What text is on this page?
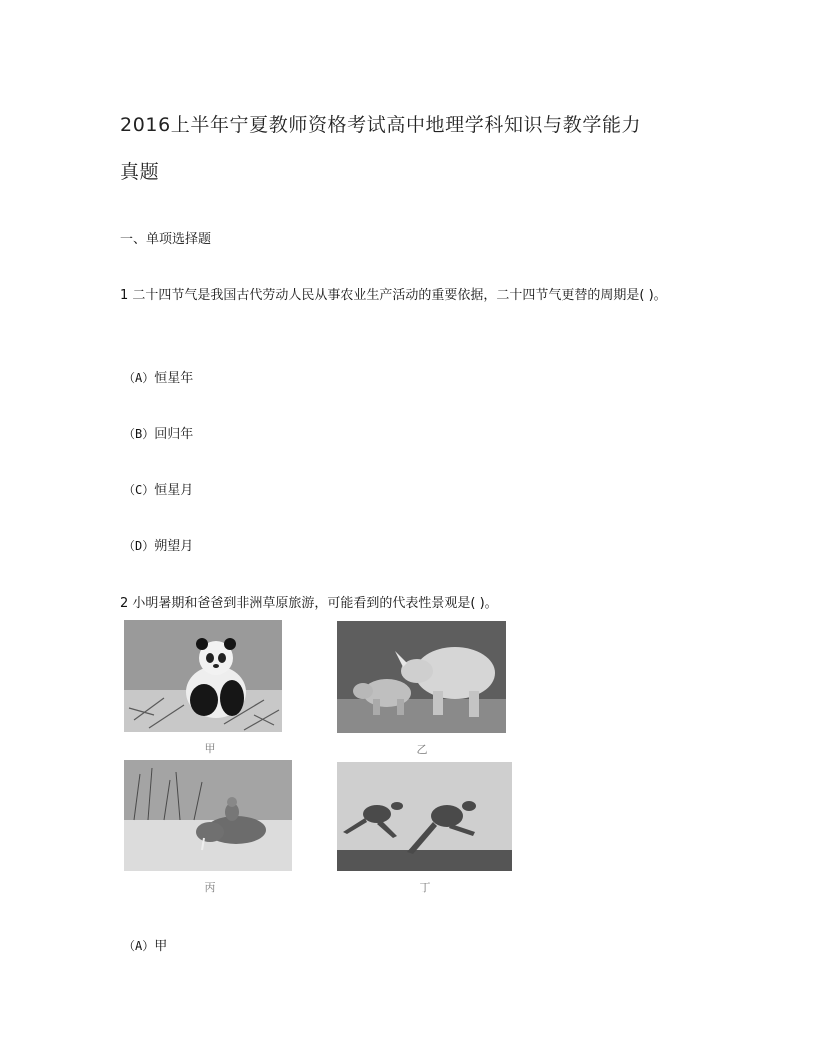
2016上半年宁夏教师资格考试高中地理学科知识与教学能力
真题
一、单项选择题
1 二十四节气是我国古代劳动人民从事农业生产活动的重要依据，二十四节气更替的周期是( )。
（A）恒星年
（B）回归年
（C）恒星月
（D）朔望月
2 小明暑期和爸爸到非洲草原旅游，可能看到的代表性景观是( )。
甲	乙
丙	丁
（A）甲
